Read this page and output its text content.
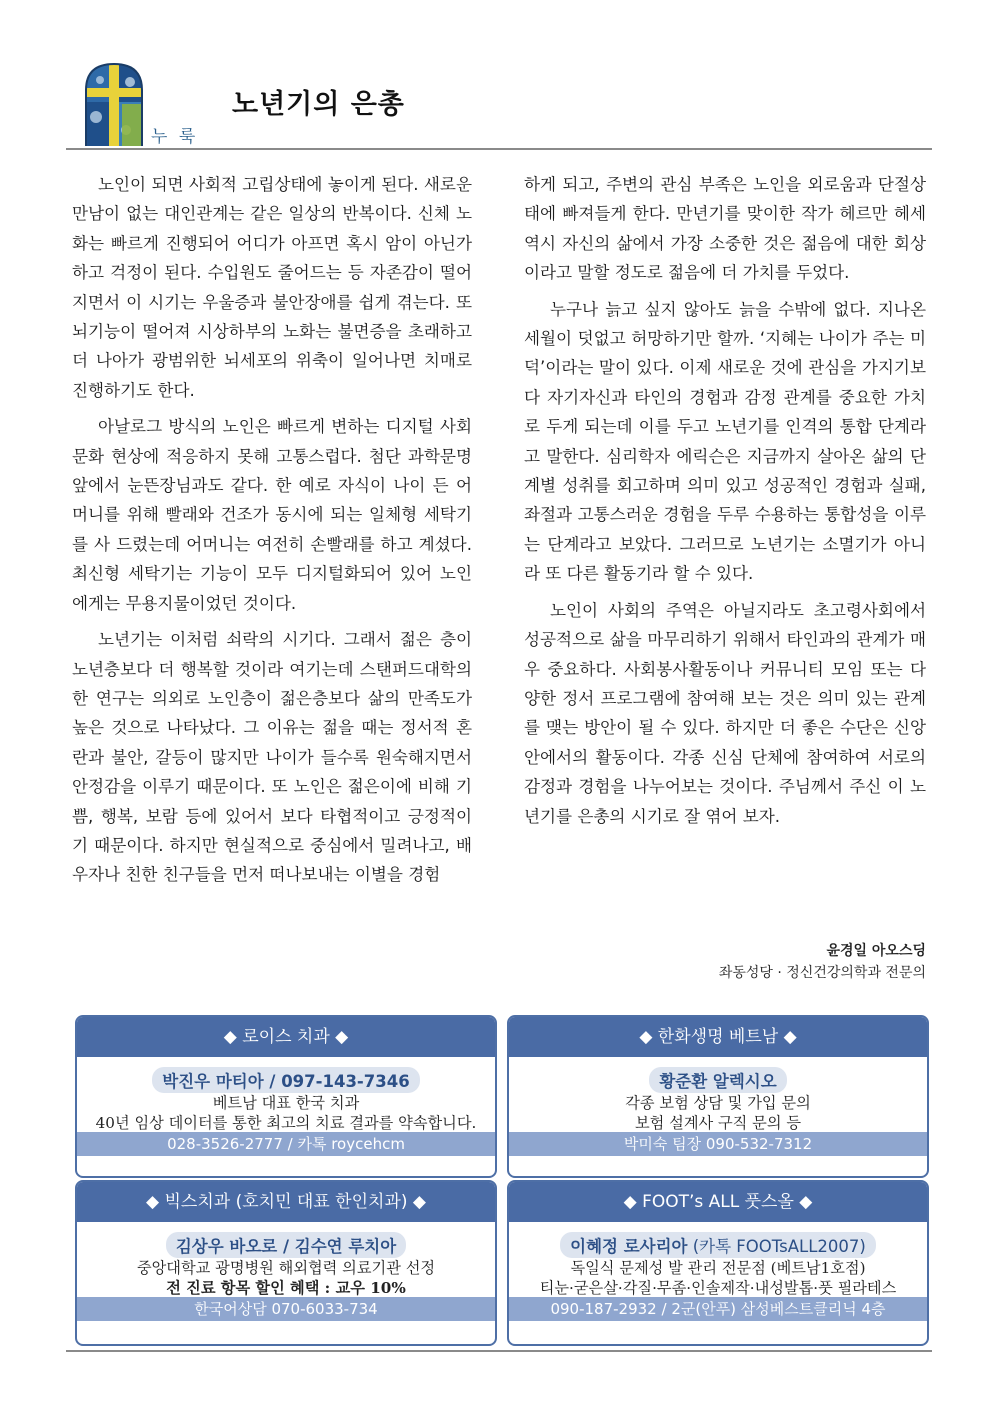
누 룩
노년기의 은총

노인이 되면 사회적 고립상태에 놓이게 된다. 새로운 만남이 없는 대인관계는 같은 일상의 반복이다. 신체 노화는 빠르게 진행되어 어디가 아프면 혹시 암이 아닌가 하고 걱정이 된다. 수입원도 줄어드는 등 자존감이 떨어지면서 이 시기는 우울증과 불안장애를 쉽게 겪는다. 또 뇌기능이 떨어져 시상하부의 노화는 불면증을 초래하고 더 나아가 광범위한 뇌세포의 위축이 일어나면 치매로 진행하기도 한다.

아날로그 방식의 노인은 빠르게 변하는 디지털 사회문화 현상에 적응하지 못해 고통스럽다. 첨단 과학문명 앞에서 눈뜬장님과도 같다. 한 예로 자식이 나이 든 어머니를 위해 빨래와 건조가 동시에 되는 일체형 세탁기를 사 드렸는데 어머니는 여전히 손빨래를 하고 계셨다. 최신형 세탁기는 기능이 모두 디지털화되어 있어 노인에게는 무용지물이었던 것이다.

노년기는 이처럼 쇠락의 시기다. 그래서 젊은 층이 노년층보다 더 행복할 것이라 여기는데 스탠퍼드대학의 한 연구는 의외로 노인층이 젊은층보다 삶의 만족도가 높은 것으로 나타났다. 그 이유는 젊을 때는 정서적 혼란과 불안, 갈등이 많지만 나이가 들수록 원숙해지면서 안정감을 이루기 때문이다. 또 노인은 젊은이에 비해 기쁨, 행복, 보람 등에 있어서 보다 타협적이고 긍정적이기 때문이다. 하지만 현실적으로 중심에서 밀려나고, 배우자나 친한 친구들을 먼저 떠나보내는 이별을 경험

하게 되고, 주변의 관심 부족은 노인을 외로움과 단절상태에 빠져들게 한다. 만년기를 맞이한 작가 헤르만 헤세 역시 자신의 삶에서 가장 소중한 것은 젊음에 대한 회상이라고 말할 정도로 젊음에 더 가치를 두었다.

누구나 늙고 싶지 않아도 늙을 수밖에 없다. 지나온 세월이 덧없고 허망하기만 할까. ‘지혜는 나이가 주는 미덕’이라는 말이 있다. 이제 새로운 것에 관심을 가지기보다 자기자신과 타인의 경험과 감정 관계를 중요한 가치로 두게 되는데 이를 두고 노년기를 인격의 통합 단계라고 말한다. 심리학자 에릭슨은 지금까지 살아온 삶의 단계별 성취를 회고하며 의미 있고 성공적인 경험과 실패, 좌절과 고통스러운 경험을 두루 수용하는 통합성을 이루는 단계라고 보았다. 그러므로 노년기는 소멸기가 아니라 또 다른 활동기라 할 수 있다.

노인이 사회의 주역은 아닐지라도 초고령사회에서 성공적으로 삶을 마무리하기 위해서 타인과의 관계가 매우 중요하다. 사회봉사활동이나 커뮤니티 모임 또는 다양한 정서 프로그램에 참여해 보는 것은 의미 있는 관계를 맺는 방안이 될 수 있다. 하지만 더 좋은 수단은 신앙 안에서의 활동이다. 각종 신심 단체에 참여하여 서로의 감정과 경험을 나누어보는 것이다. 주님께서 주신 이 노년기를 은총의 시기로 잘 엮어 보자.

윤경일 아오스딩
좌동성당 · 정신건강의학과 전문의
◆ 로이스 치과 ◆
박진우 마티아 / 097-143-7346
베트남 대표 한국 치과
40년 임상 데이터를 통한 최고의 치료 결과를 약속합니다.
028-3526-2777 / 카톡 roycehcm
◆ 한화생명 베트남 ◆
황준환 알렉시오
각종 보험 상담 및 가입 문의
보험 설계사 구직 문의 등
박미숙 팀장 090-532-7312
◆ 빅스치과 (호치민 대표 한인치과) ◆
김상우 바오로 / 김수연 루치아
중앙대학교 광명병원 해외협력 의료기관 선정
전 진료 항목 할인 혜택 : 교우 10%
한국어상담 070-6033-734
◆ FOOT’s ALL 풋스올 ◆
이혜정 로사리아 (카톡 FOOTsALL2007)
독일식 문제성 발 관리 전문점 (베트남1호점)
티눈·굳은살·각질·무좀·인솔제작·내성발톱·풋 필라테스
090-187-2932 / 2군(안푸) 삼성베스트클리닉 4층
